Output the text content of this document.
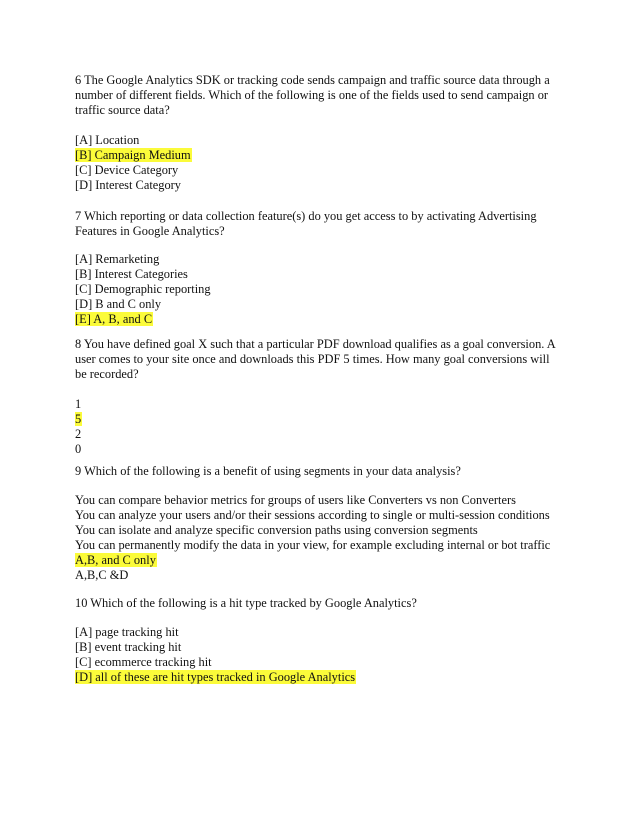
6 The Google Analytics SDK or tracking code sends campaign and traffic source data through a
number of different fields. Which of the following is one of the fields used to send campaign or
traffic source data?
[A] Location
[B] Campaign Medium
[C] Device Category
[D] Interest Category
7 Which reporting or data collection feature(s) do you get access to by activating Advertising
Features in Google Analytics?
[A] Remarketing
[B] Interest Categories
[C] Demographic reporting
[D] B and C only
[E] A, B, and C
8 You have defined goal X such that a particular PDF download qualifies as a goal conversion. A
user comes to your site once and downloads this PDF 5 times. How many goal conversions will
be recorded?
1
5
2
0
9 Which of the following is a benefit of using segments in your data analysis?
You can compare behavior metrics for groups of users like Converters vs non Converters
You can analyze your users and/or their sessions according to single or multi-session conditions
You can isolate and analyze specific conversion paths using conversion segments
You can permanently modify the data in your view, for example excluding internal or bot traffic
A,B, and C only
A,B,C &D
10 Which of the following is a hit type tracked by Google Analytics?
[A] page tracking hit
[B] event tracking hit
[C] ecommerce tracking hit
[D] all of these are hit types tracked in Google Analytics
